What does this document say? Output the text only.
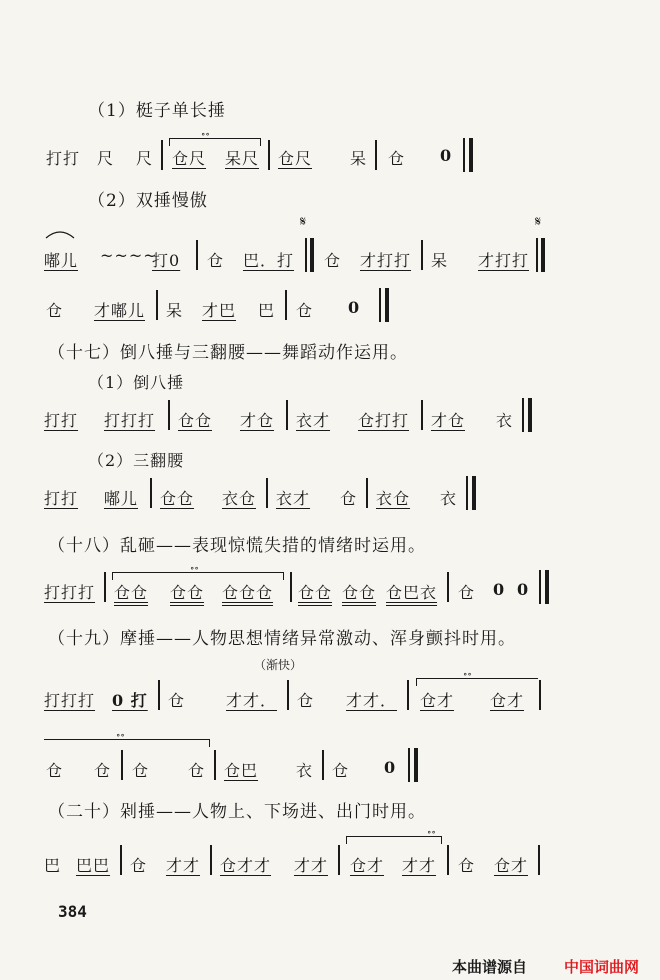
（1）梃子单长捶
打打 尺 尺
∘∘
仓尺 呆尺 仓尺 呆 仓 0
（2）双捶慢傲
嘟儿 ~~~~
打0 仓 巴．打
𝄋
仓 才打打 呆 才打打
𝄋
仓 才嘟儿 呆 才巴 巴 仓 0
（十七）倒八捶与三翻腰——舞蹈动作运用。
（1）倒八捶
打打 打打打 仓仓 才仓 衣才 仓打打 才仓 衣
（2）三翻腰
打打 嘟儿 仓仓 衣仓 衣才 仓 衣仓 衣
（十八）乱砸——表现惊慌失措的情绪时运用。
打打打
∘∘
仓仓 仓仓 仓仓仓 仓仓 仓仓 仓巴衣 仓 0 0
（十九）摩捶——人物思想情绪异常激动、浑身颤抖时用。
（渐快）
打打打 0 打 仓	才才． 仓 才才．
∘∘
仓才 仓才
∘∘
仓 仓 仓 仓 仓巴 衣 仓 0
（二十）剁捶——人物上、下场进、出门时用。
巴 巴巴 仓 才才 仓才才 才才
∘∘
仓才 才才 仓 仓才
384
本曲谱源自 中国词曲网
